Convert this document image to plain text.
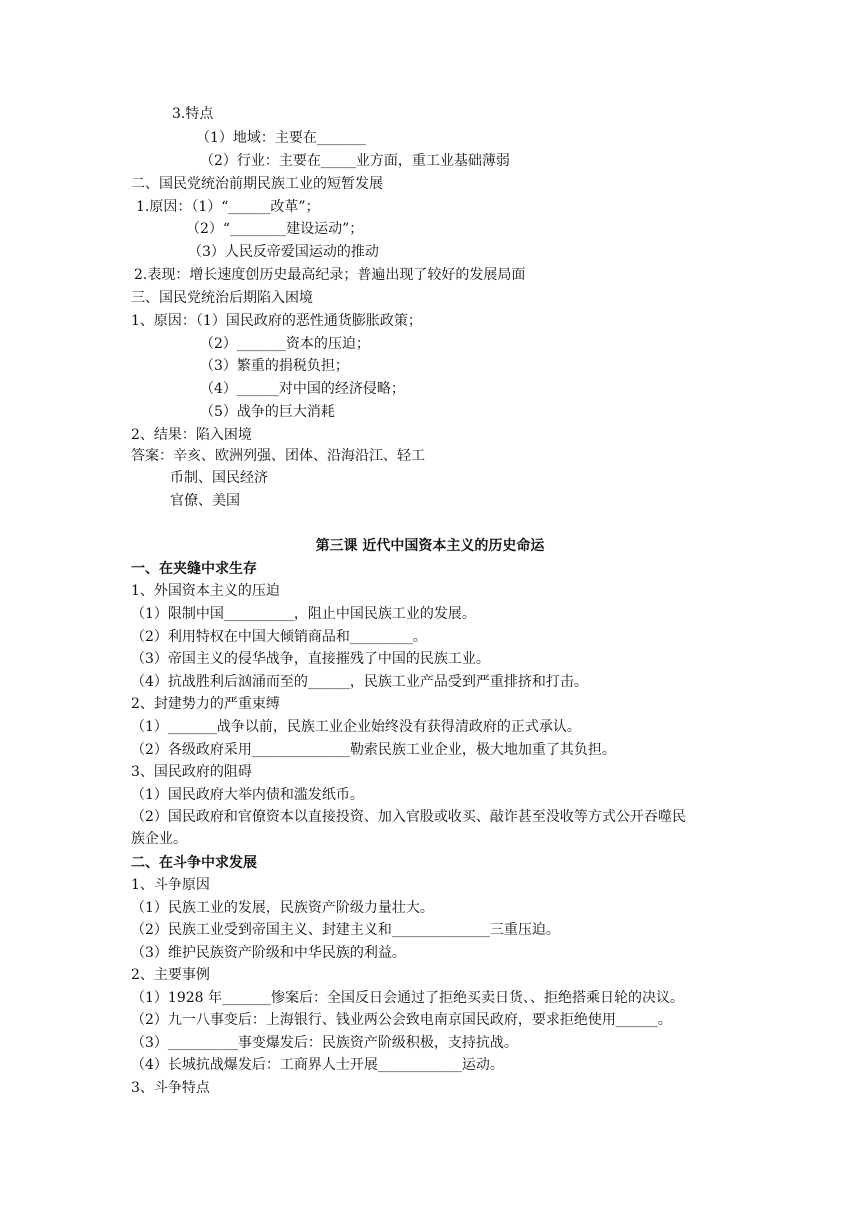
3.特点
（1）地域：主要在_______
（2）行业：主要在_____业方面，重工业基础薄弱
二、国民党统治前期民族工业的短暂发展
1.原因：（1）“______改革”；
（2）“________建设运动”；
（3）人民反帝爱国运动的推动
2.表现：增长速度创历史最高纪录；普遍出现了较好的发展局面
三、国民党统治后期陷入困境
1、原因：（1）国民政府的恶性通货膨胀政策；
（2）_______资本的压迫；
（3）繁重的捐税负担；
（4）______对中国的经济侵略；
（5）战争的巨大消耗
2、结果：陷入困境
答案：辛亥、欧洲列强、团体、沿海沿江、轻工
币制、国民经济
官僚、美国
第三课 近代中国资本主义的历史命运
一、在夹缝中求生存
1、外国资本主义的压迫
（1）限制中国__________，阻止中国民族工业的发展。
（2）利用特权在中国大倾销商品和_________。
（3）帝国主义的侵华战争，直接摧残了中国的民族工业。
（4）抗战胜利后汹涌而至的______，民族工业产品受到严重排挤和打击。
2、封建势力的严重束缚
（1）_______战争以前，民族工业企业始终没有获得清政府的正式承认。
（2）各级政府采用______________勒索民族工业企业，极大地加重了其负担。
3、国民政府的阻碍
（1）国民政府大举内债和滥发纸币。
（2）国民政府和官僚资本以直接投资、加入官股或收买、敲诈甚至没收等方式公开吞噬民
族企业。
二、在斗争中求发展
1、斗争原因
（1）民族工业的发展，民族资产阶级力量壮大。
（2）民族工业受到帝国主义、封建主义和______________三重压迫。
（3）维护民族资产阶级和中华民族的利益。
2、主要事例
（1）1928 年_______惨案后：全国反日会通过了拒绝买卖日货、、拒绝搭乘日轮的决议。
（2）九一八事变后：上海银行、钱业两公会致电南京国民政府，要求拒绝使用______。
（3）__________事变爆发后：民族资产阶级积极，支持抗战。
（4）长城抗战爆发后：工商界人士开展____________运动。
3、斗争特点
